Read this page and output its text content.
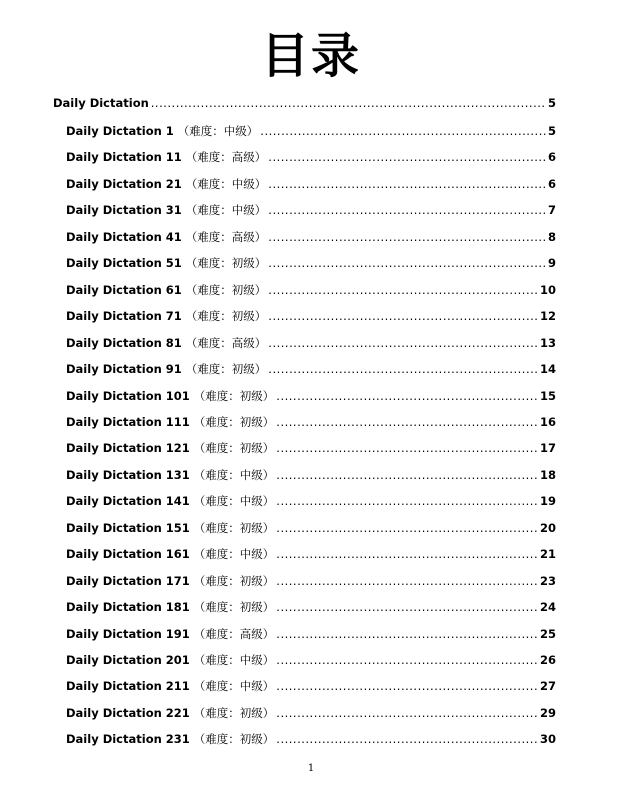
目录
Daily Dictation .....	5
Daily Dictation 1 （难度：中级） .....	5
Daily Dictation 11 （难度：高级） .....	6
Daily Dictation 21 （难度：中级） .....	6
Daily Dictation 31 （难度：中级） .....	7
Daily Dictation 41 （难度：高级） .....	8
Daily Dictation 51 （难度：初级） .....	9
Daily Dictation 61 （难度：初级） .....	10
Daily Dictation 71 （难度：初级） .....	12
Daily Dictation 81 （难度：高级） .....	13
Daily Dictation 91 （难度：初级） .....	14
Daily Dictation 101 （难度：初级） .....	15
Daily Dictation 111 （难度：初级） .....	16
Daily Dictation 121 （难度：初级） .....	17
Daily Dictation 131 （难度：中级） .....	18
Daily Dictation 141 （难度：中级） .....	19
Daily Dictation 151 （难度：初级） .....	20
Daily Dictation 161 （难度：中级） .....	21
Daily Dictation 171 （难度：初级） .....	23
Daily Dictation 181 （难度：初级） .....	24
Daily Dictation 191 （难度：高级） .....	25
Daily Dictation 201 （难度：中级） .....	26
Daily Dictation 211 （难度：中级） .....	27
Daily Dictation 221 （难度：初级） .....	29
Daily Dictation 231 （难度：初级） .....	30
1
